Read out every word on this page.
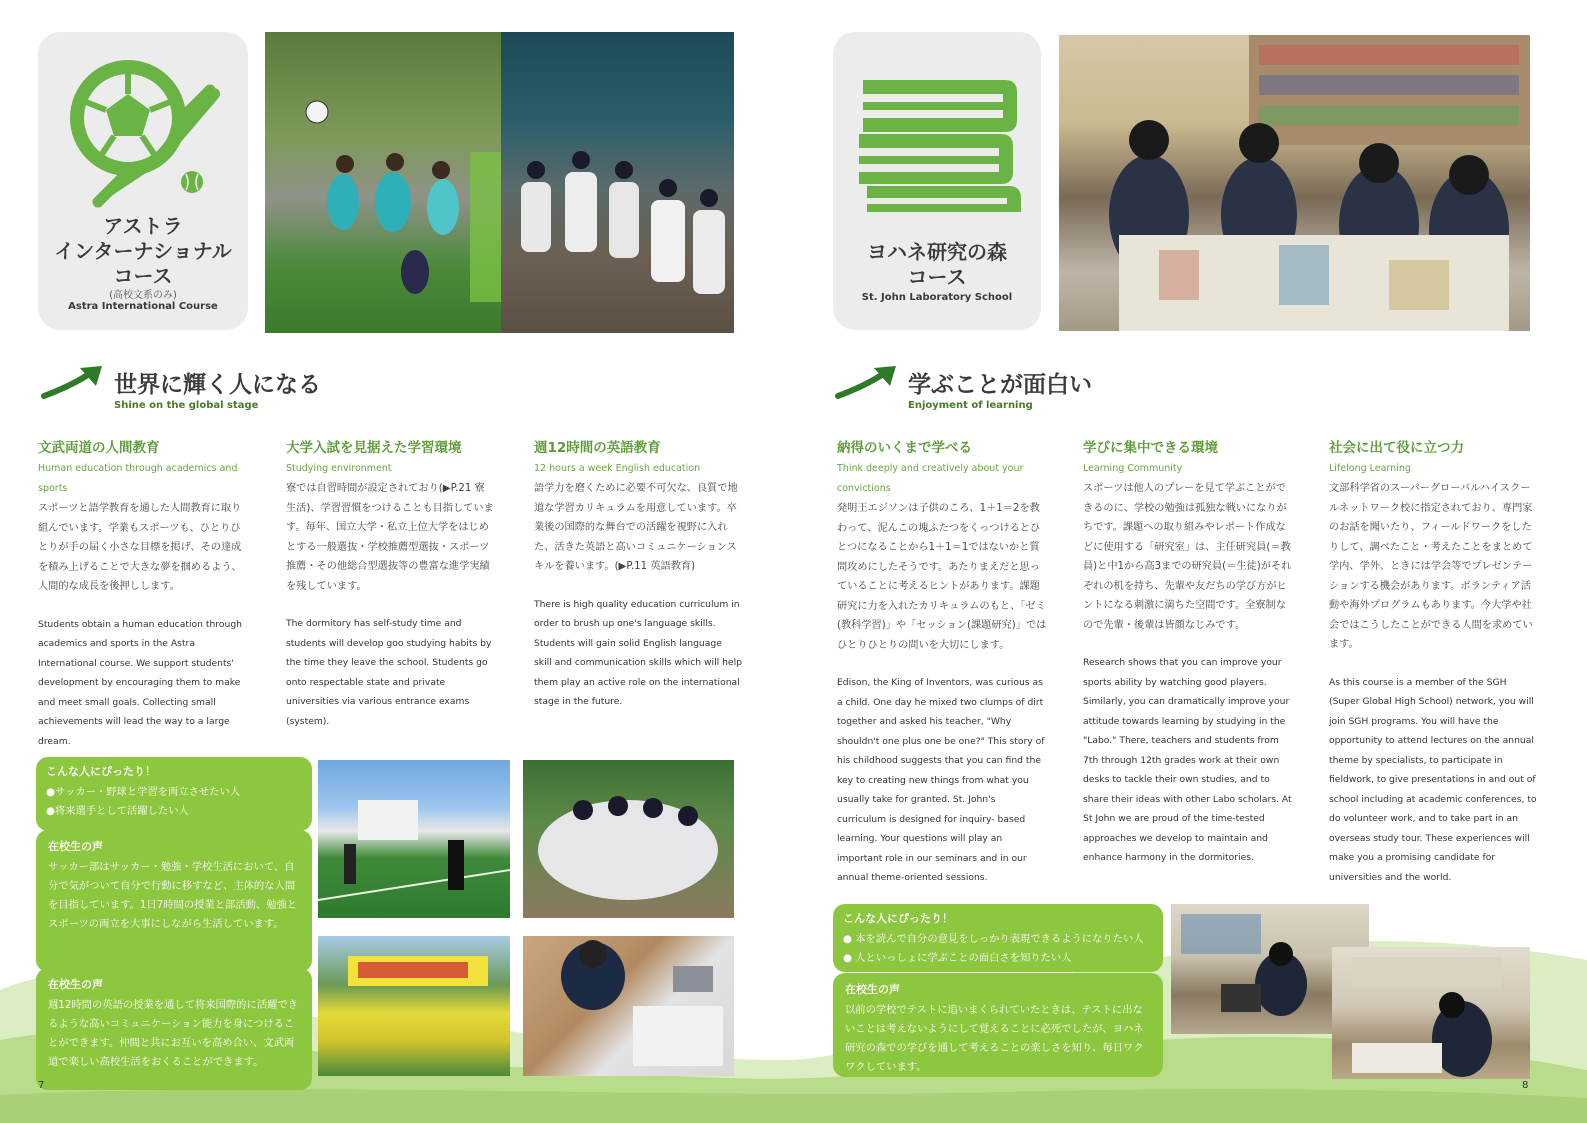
アストラ
インターナショナル
コース
(高校文系のみ)
Astra International Course
世界に輝く人になる
Shine on the global stage
文武両道の人間教育
Human education through academics and sports

スポーツと語学教育を通した人間教育に取り組んでいます。学業もスポーツも、ひとりひとりが手の届く小さな目標を掲げ、その達成を積み上げることで大きな夢を掴めるよう、人間的な成長を後押しします。

Students obtain a human education through academics and sports in the Astra International course. We support students' development by encouraging them to make and meet small goals. Collecting small achievements will lead the way to a large dream.

大学入試を見据えた学習環境
Studying environment

寮では自習時間が設定されており(▶P.21 寮生活)、学習習慣をつけることも目指しています。毎年、国立大学・私立上位大学をはじめとする一般選抜・学校推薦型選抜・スポーツ推薦・その他総合型選抜等の豊富な進学実績を残しています。

The dormitory has self-study time and students will develop goo studying habits by the time they leave the school. Students go onto respectable state and private universities via various entrance exams (system).

週12時間の英語教育
12 hours a week English education

語学力を磨くために必要不可欠な、良質で地道な学習カリキュラムを用意しています。卒業後の国際的な舞台での活躍を視野に入れた、活きた英語と高いコミュニケーションスキルを養います。(▶P.11 英語教育)

There is high quality education curriculum in order to brush up one's language skills. Students will gain solid English language skill and communication skills which will help them play an active role on the international stage in the future.

こんな人にぴったり！
●サッカー・野球と学習を両立させたい人
●将来選手として活躍したい人
在校生の声
サッカー部はサッカー・勉強・学校生活において、自分で気がついて自分で行動に移すなど、主体的な人間を目指しています。1日7時間の授業と部活動、勉強とスポーツの両立を大事にしながら生活しています。
在校生の声
週12時間の英語の授業を通して将来国際的に活躍できるような高いコミュニケーション能力を身につけることができます。仲間と共にお互いを高め合い、文武両道で楽しい高校生活をおくることができます。
7
ヨハネ研究の森
コース
St. John Laboratory School
学ぶことが面白い
Enjoyment of learning
納得のいくまで学べる
Think deeply and creatively about your convictions

発明王エジソンは子供のころ、1＋1＝2を教わって、泥んこの塊ふたつをくっつけるとひとつになることから1＋1＝1ではないかと質問攻めにしたそうです。あたりまえだと思っていることに考えるヒントがあります。課題研究に力を入れたカリキュラムのもと、「ゼミ(教科学習)」や「セッション(課題研究)」ではひとりひとりの問いを大切にします。

Edison, the King of Inventors, was curious as a child. One day he mixed two clumps of dirt together and asked his teacher, "Why shouldn't one plus one be one?" This story of his childhood suggests that you can find the key to creating new things from what you usually take for granted. St. John's curriculum is designed for inquiry- based learning. Your questions will play an important role in our seminars and in our annual theme-oriented sessions.

学びに集中できる環境
Learning Community

スポーツは他人のプレーを見て学ぶことができるのに、学校の勉強は孤独な戦いになりがちです。課題への取り組みやレポート作成などに使用する「研究室」は、主任研究員(＝教員)と中1から高3までの研究員(＝生徒)がそれぞれの机を持ち、先輩や友だちの学び方がヒントになる刺激に満ちた空間です。全寮制なので先輩・後輩は皆顔なじみです。

Research shows that you can improve your sports ability by watching good players. Similarly, you can dramatically improve your attitude towards learning by studying in the "Labo." There, teachers and students from 7th through 12th grades work at their own desks to tackle their own studies, and to share their ideas with other Labo scholars. At St John we are proud of the time-tested approaches we develop to maintain and enhance harmony in the dormitories.

社会に出て役に立つ力
Lifelong Learning

文部科学省のスーパーグローバルハイスクールネットワーク校に指定されており、専門家のお話を聞いたり、フィールドワークをしたりして、調べたこと・考えたことをまとめて学内、学外、ときには学会等でプレゼンテーションする機会があります。ボランティア活動や海外プログラムもあります。今大学や社会ではこうしたことができる人間を求めています。

As this course is a member of the SGH (Super Global High School) network, you will join SGH programs. You will have the opportunity to attend lectures on the annual theme by specialists, to participate in fieldwork, to give presentations in and out of school including at academic conferences, to do volunteer work, and to take part in an overseas study tour. These experiences will make you a promising candidate for universities and the world.

こんな人にぴったり！
● 本を読んで自分の意見をしっかり表現できるようになりたい人
● 人といっしょに学ぶことの面白さを知りたい人
在校生の声
以前の学校でテストに追いまくられていたときは、テストに出ないことは考えないようにして覚えることに必死でしたが、ヨハネ研究の森での学びを通して考えることの楽しさを知り、毎日ワクワクしています。
8
